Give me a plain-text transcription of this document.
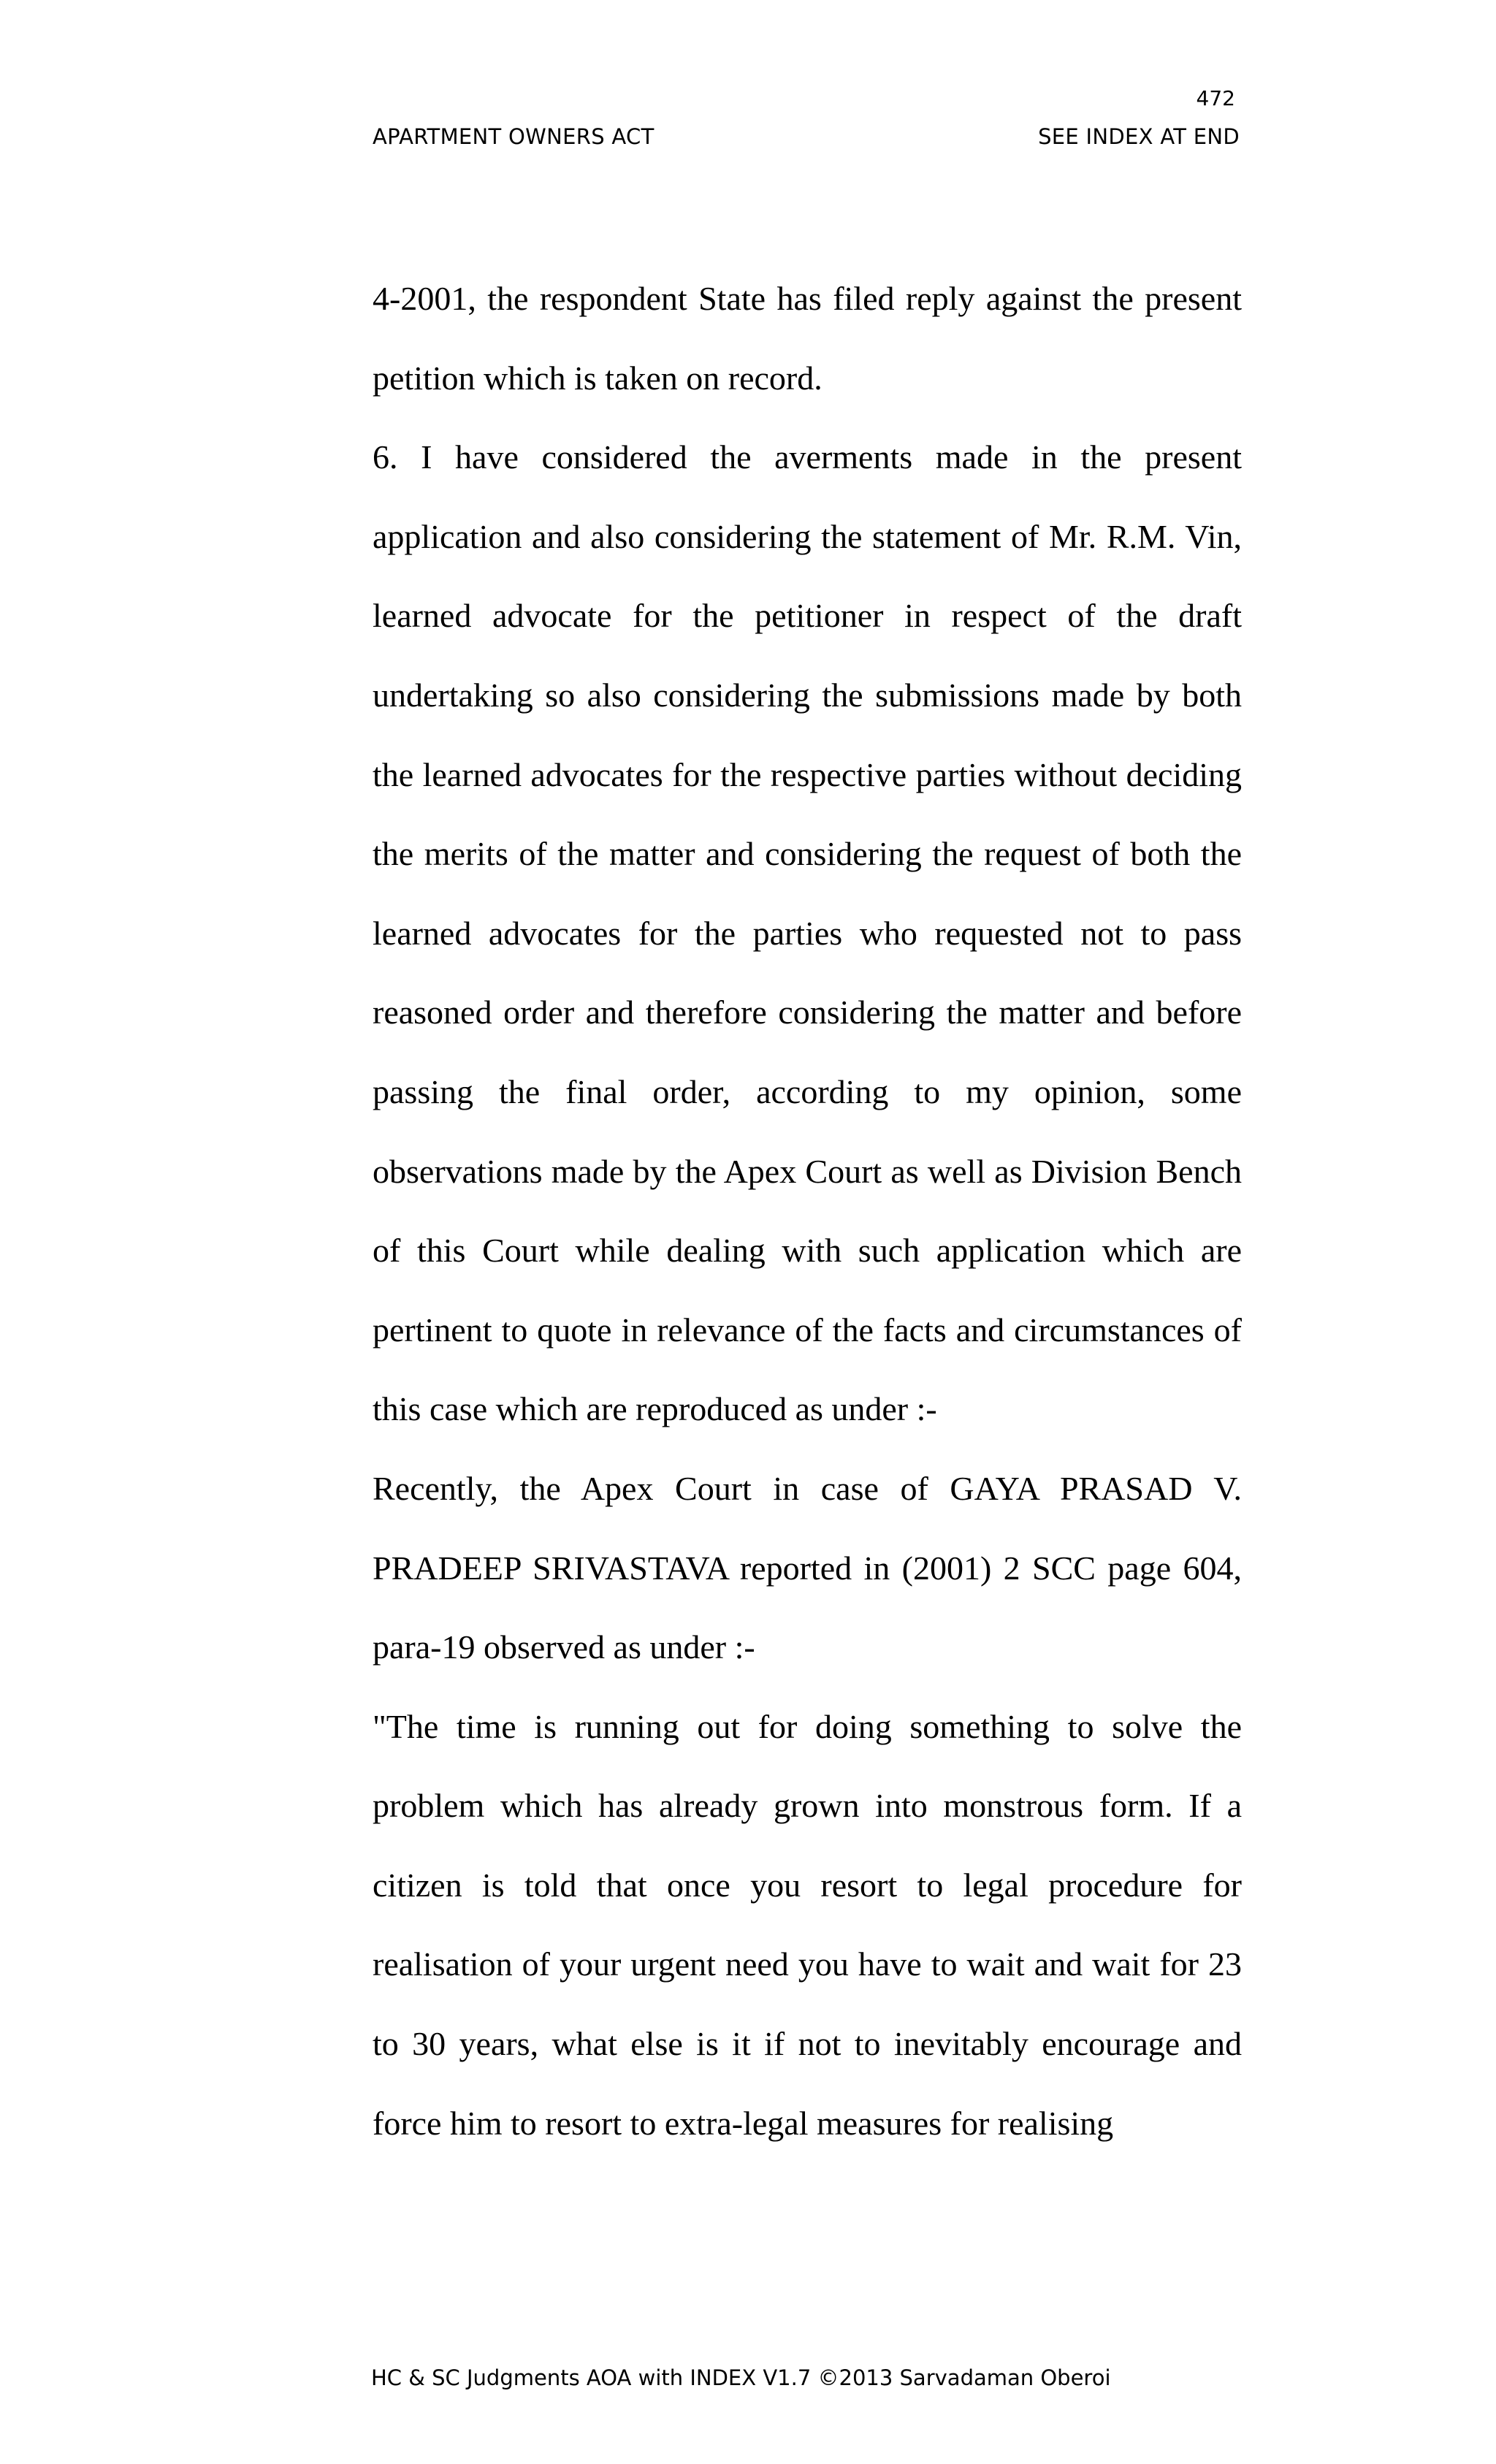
472
APARTMENT OWNERS ACT	SEE INDEX AT END

4-2001, the respondent State has filed reply against the present petition which is taken on record.

6. I have considered the averments made in the present application and also considering the statement of Mr. R.M. Vin, learned advocate for the petitioner in respect of the draft undertaking so also considering the submissions made by both the learned advocates for the respective parties without deciding the merits of the matter and considering the request of both the learned advocates for the parties who requested not to pass reasoned order and therefore considering the matter and before passing the final order, according to my opinion, some observations made by the Apex Court as well as Division Bench of this Court while dealing with such application which are pertinent to quote in relevance of the facts and circumstances of this case which are reproduced as under :-

Recently, the Apex Court in case of GAYA PRASAD V. PRADEEP SRIVASTAVA reported in (2001) 2 SCC page 604, para-19 observed as under :-

"The time is running out for doing something to solve the problem which has already grown into monstrous form. If a citizen is told that once you resort to legal procedure for realisation of your urgent need you have to wait and wait for 23 to 30 years, what else is it if not to inevitably encourage and force him to resort to extra-legal measures for realising

HC & SC Judgments AOA with INDEX V1.7 ©2013 Sarvadaman Oberoi
